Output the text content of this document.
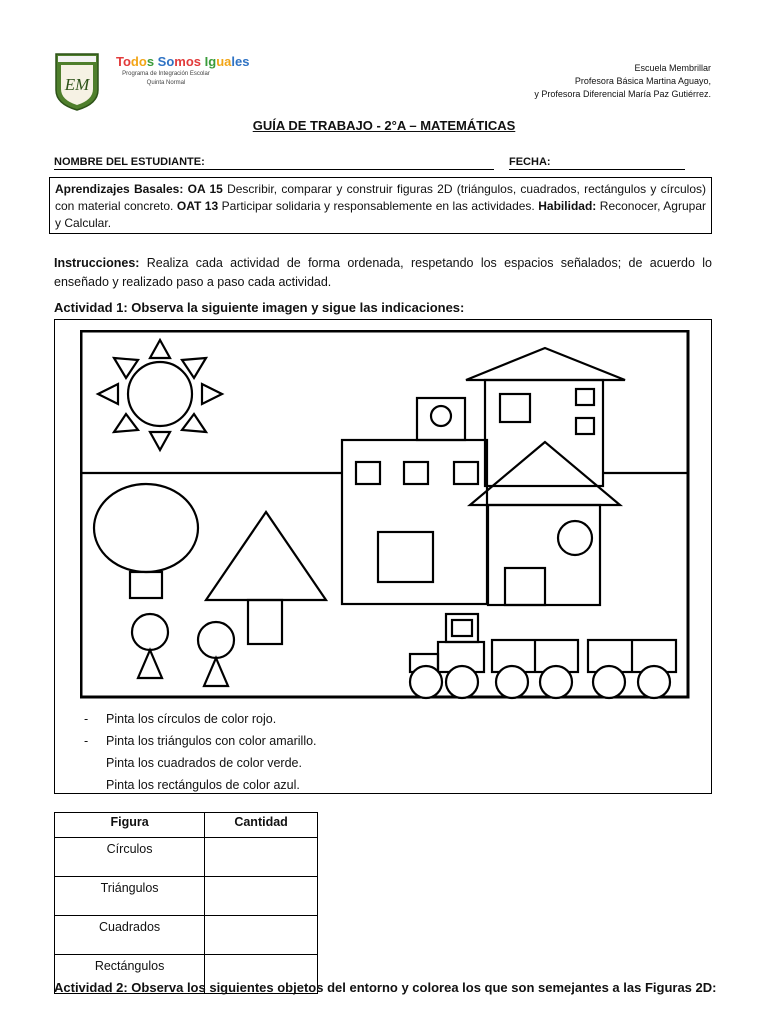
EM
Todos Somos Iguales
Programa de Integración Escolar
Quinta Normal
Escuela Membrillar
Profesora Básica Martina Aguayo,
y Profesora Diferencial María Paz Gutiérrez.
GUÍA DE TRABAJO - 2°A – MATEMÁTICAS
NOMBRE DEL ESTUDIANTE:	FECHA:
Aprendizajes Basales: OA 15 Describir, comparar y construir figuras 2D (triángulos, cuadrados, rectángulos y círculos) con material concreto. OAT 13 Participar solidaria y responsablemente en las actividades. Habilidad: Reconocer, Agrupar y Calcular.
Instrucciones: Realiza cada actividad de forma ordenada, respetando los espacios señalados; de acuerdo lo enseñado y realizado paso a paso cada actividad.
Actividad 1: Observa la siguiente imagen y sigue las indicaciones:
-	Pinta los círculos de color rojo.
-	Pinta los triángulos con color amarillo.
Pinta los cuadrados de color verde.
Pinta los rectángulos de color azul.
Figura	Cantidad
Círculos	
Triángulos	
Cuadrados	
Rectángulos	
Actividad 2: Observa los siguientes objetos del entorno y colorea los que son semejantes a las Figuras 2D:
